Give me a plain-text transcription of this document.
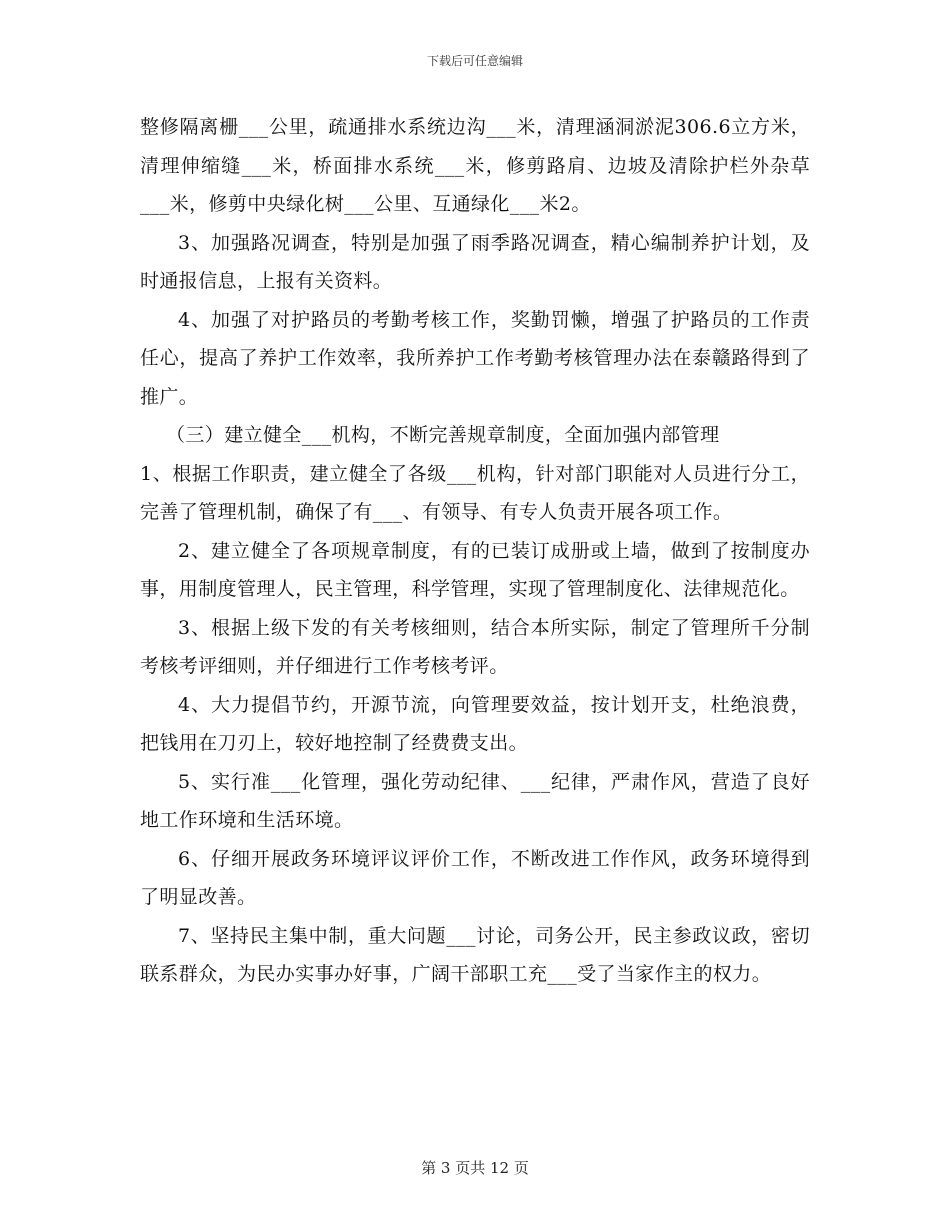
下载后可任意编辑

整修隔离栅___公里，疏通排水系统边沟___米，清理涵洞淤泥306.6立方米，清理伸缩缝___米，桥面排水系统___米，修剪路肩、边坡及清除护栏外杂草___米，修剪中央绿化树___公里、互通绿化___米2。

3、加强路况调查，特别是加强了雨季路况调查，精心编制养护计划，及时通报信息，上报有关资料。

4、加强了对护路员的考勤考核工作，奖勤罚懒，增强了护路员的工作责任心，提高了养护工作效率，我所养护工作考勤考核管理办法在泰赣路得到了推广。

（三）建立健全___机构，不断完善规章制度，全面加强内部管理

1、根据工作职责，建立健全了各级___机构，针对部门职能对人员进行分工，完善了管理机制，确保了有___、有领导、有专人负责开展各项工作。

2、建立健全了各项规章制度，有的已装订成册或上墙，做到了按制度办事，用制度管理人，民主管理，科学管理，实现了管理制度化、法律规范化。

3、根据上级下发的有关考核细则，结合本所实际，制定了管理所千分制考核考评细则，并仔细进行工作考核考评。

4、大力提倡节约，开源节流，向管理要效益，按计划开支，杜绝浪费，把钱用在刀刃上，较好地控制了经费费支出。

5、实行准___化管理，强化劳动纪律、___纪律，严肃作风，营造了良好地工作环境和生活环境。

6、仔细开展政务环境评议评价工作，不断改进工作作风，政务环境得到了明显改善。

7、坚持民主集中制，重大问题___讨论，司务公开，民主参政议政，密切联系群众，为民办实事办好事，广阔干部职工充___受了当家作主的权力。

第 3 页共 12 页
